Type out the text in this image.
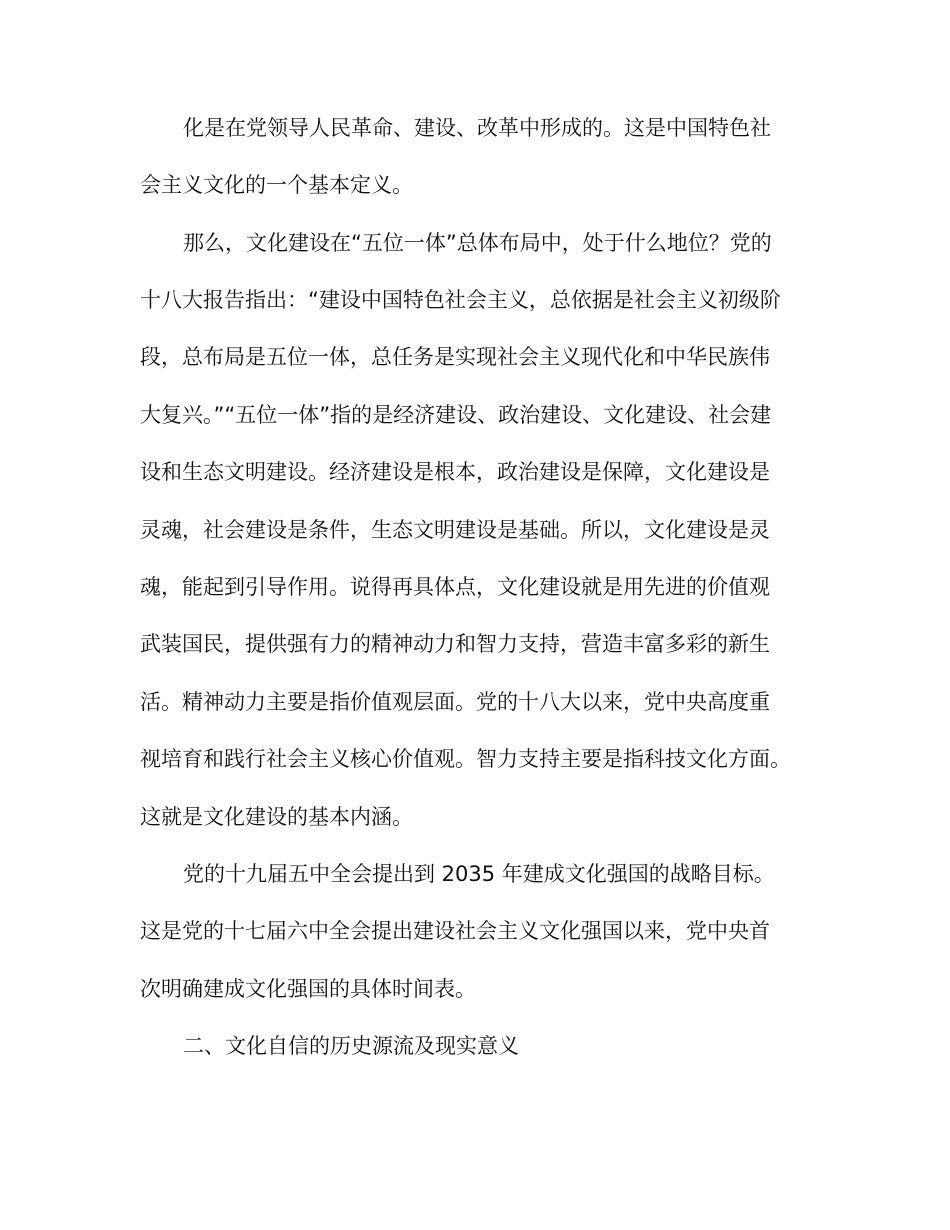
化是在党领导人民革命、建设、改革中形成的。这是中国特色社
会主义文化的一个基本定义。
那么，文化建设在“五位一体”总体布局中，处于什么地位？党的
十八大报告指出：“建设中国特色社会主义，总依据是社会主义初级阶
段，总布局是五位一体，总任务是实现社会主义现代化和中华民族伟
大复兴。”“五位一体”指的是经济建设、政治建设、文化建设、社会建
设和生态文明建设。经济建设是根本，政治建设是保障，文化建设是
灵魂，社会建设是条件，生态文明建设是基础。所以，文化建设是灵
魂，能起到引导作用。说得再具体点，文化建设就是用先进的价值观
武装国民，提供强有力的精神动力和智力支持，营造丰富多彩的新生
活。精神动力主要是指价值观层面。党的十八大以来，党中央高度重
视培育和践行社会主义核心价值观。智力支持主要是指科技文化方面。
这就是文化建设的基本内涵。
党的十九届五中全会提出到 2035 年建成文化强国的战略目标。
这是党的十七届六中全会提出建设社会主义文化强国以来，党中央首
次明确建成文化强国的具体时间表。
二、文化自信的历史源流及现实意义
